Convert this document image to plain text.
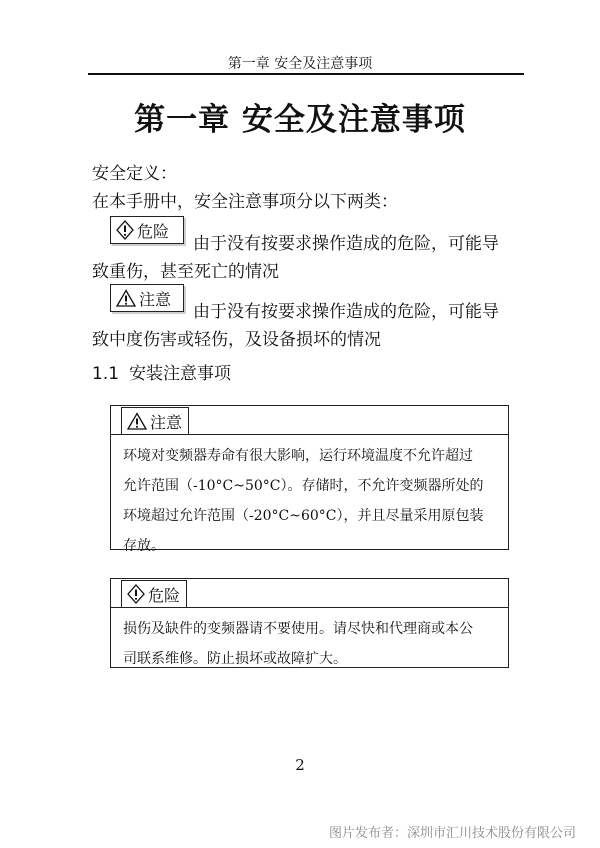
第一章 安全及注意事项
第一章 安全及注意事项
安全定义：
在本手册中，安全注意事项分以下两类：
危险
由于没有按要求操作造成的危险，可能导
致重伤，甚至死亡的情况
注意
由于没有按要求操作造成的危险，可能导
致中度伤害或轻伤，及设备损坏的情况
1.1 安装注意事项
注意
环境对变频器寿命有很大影响，运行环境温度不允许超过
允许范围（-10°C~50°C）。存储时，不允许变频器所处的
环境超过允许范围（-20°C~60°C），并且尽量采用原包装
存放。
危险
损伤及缺件的变频器请不要使用。请尽快和代理商或本公
司联系维修。防止损坏或故障扩大。
2
图片发布者：深圳市汇川技术股份有限公司
